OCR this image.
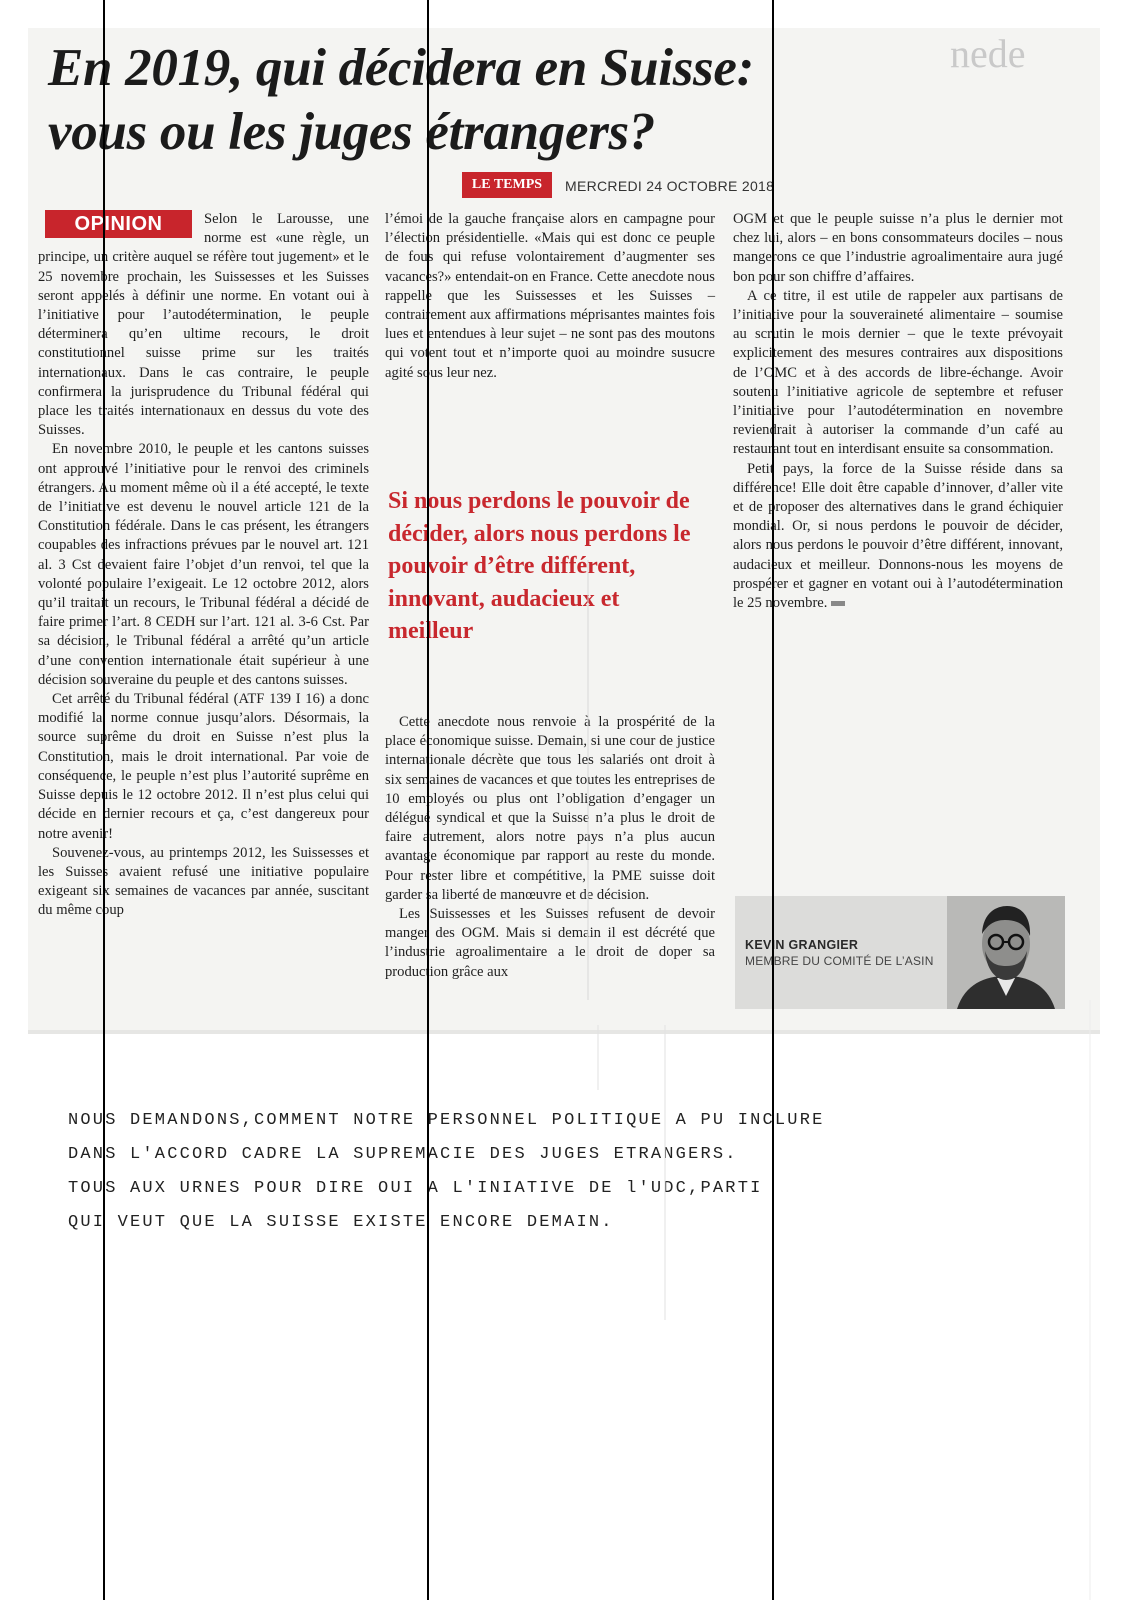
nede
En 2019, qui décidera en Suisse:
vous ou les juges étrangers?
LE TEMPS	MERCREDI 24 OCTOBRE 2018
OPINION	Selon le Larousse, une norme est «une règle, un principe, un critère auquel se réfère tout jugement» et le 25 novembre prochain, les Suissesses et les Suisses seront appelés à définir une norme. En votant oui à l’initiative pour l’autodétermination, le peuple déterminera qu’en ultime recours, le droit constitutionnel suisse prime sur les traités internationaux. Dans le cas contraire, le peuple confirmera la jurisprudence du Tribunal fédéral qui place les traités internationaux en dessus du vote des Suisses.

En novembre 2010, le peuple et les cantons suisses ont approuvé l’initiative pour le renvoi des criminels étrangers. Au moment même où il a été accepté, le texte de l’initiative est devenu le nouvel article 121 de la Constitution fédérale. Dans le cas présent, les étrangers coupables des infractions prévues par le nouvel art. 121 al. 3 Cst devaient faire l’objet d’un renvoi, tel que la volonté populaire l’exigeait. Le 12 octobre 2012, alors qu’il traitait un recours, le Tribunal fédéral a décidé de faire primer l’art. 8 CEDH sur l’art. 121 al. 3-6 Cst. Par sa décision, le Tribunal fédéral a arrêté qu’un article d’une convention internationale était supérieur à une décision souveraine du peuple et des cantons suisses.

Cet arrêté du Tribunal fédéral (ATF 139 I 16) a donc modifié la norme connue jusqu’alors. Désormais, la source suprême du droit en Suisse n’est plus la Constitution, mais le droit international. Par voie de conséquence, le peuple n’est plus l’autorité suprême en Suisse depuis le 12 octobre 2012. Il n’est plus celui qui décide en dernier recours et ça, c’est dangereux pour notre avenir!

Souvenez-vous, au printemps 2012, les Suissesses et les Suisses avaient refusé une initiative populaire exigeant six semaines de vacances par année, suscitant du même coup

l’émoi de la gauche française alors en campagne pour l’élection présidentielle. «Mais qui est donc ce peuple de fous qui refuse volontairement d’augmenter ses vacances?» entendait-on en France. Cette anecdote nous rappelle que les Suissesses et les Suisses – contrairement aux affirmations méprisantes maintes fois lues et entendues à leur sujet – ne sont pas des moutons qui votent tout et n’importe quoi au moindre susucre agité sous leur nez.

Si nous perdons le pouvoir de décider, alors nous perdons le pouvoir d’être différent, innovant, audacieux et meilleur

Cette anecdote nous renvoie à la prospérité de la place économique suisse. Demain, si une cour de justice internationale décrète que tous les salariés ont droit à six semaines de vacances et que toutes les entreprises de 10 employés ou plus ont l’obligation d’engager un délégué syndical et que la Suisse n’a plus le droit de faire autrement, alors notre pays n’a plus aucun avantage économique par rapport au reste du monde. Pour rester libre et compétitive, la PME suisse doit garder sa liberté de manœuvre et de décision.

Les Suissesses et les Suisses refusent de devoir manger des OGM. Mais si demain il est décrété que l’industrie agroalimentaire a le droit de doper sa production grâce aux

OGM et que le peuple suisse n’a plus le dernier mot chez lui, alors – en bons consommateurs dociles – nous mangerons ce que l’industrie agroalimentaire aura jugé bon pour son chiffre d’affaires.

A ce titre, il est utile de rappeler aux partisans de l’initiative pour la souveraineté alimentaire – soumise au scrutin le mois dernier – que le texte prévoyait explicitement des mesures contraires aux dispositions de l’OMC et à des accords de libre-échange. Avoir soutenu l’initiative agricole de septembre et refuser l’initiative pour l’autodétermination en novembre reviendrait à autoriser la commande d’un café au restaurant tout en interdisant ensuite sa consommation.

Petit pays, la force de la Suisse réside dans sa différence! Elle doit être capable d’innover, d’aller vite et de proposer des alternatives dans le grand échiquier mondial. Or, si nous perdons le pouvoir de décider, alors nous perdons le pouvoir d’être différent, innovant, audacieux et meilleur. Donnons-nous les moyens de prospérer et gagner en votant oui à l’autodétermination le 25 novembre.

KEVIN GRANGIER
MEMBRE DU COMITÉ DE L’ASIN
NOUS DEMANDONS,COMMENT NOTRE PERSONNEL POLITIQUE A PU INCLURE
DANS L'ACCORD CADRE LA SUPREMACIE DES JUGES ETRANGERS.
TOUS AUX URNES POUR DIRE OUI A L'INIATIVE DE l'UDC,PARTI
QUI VEUT QUE LA SUISSE EXISTE ENCORE DEMAIN.
